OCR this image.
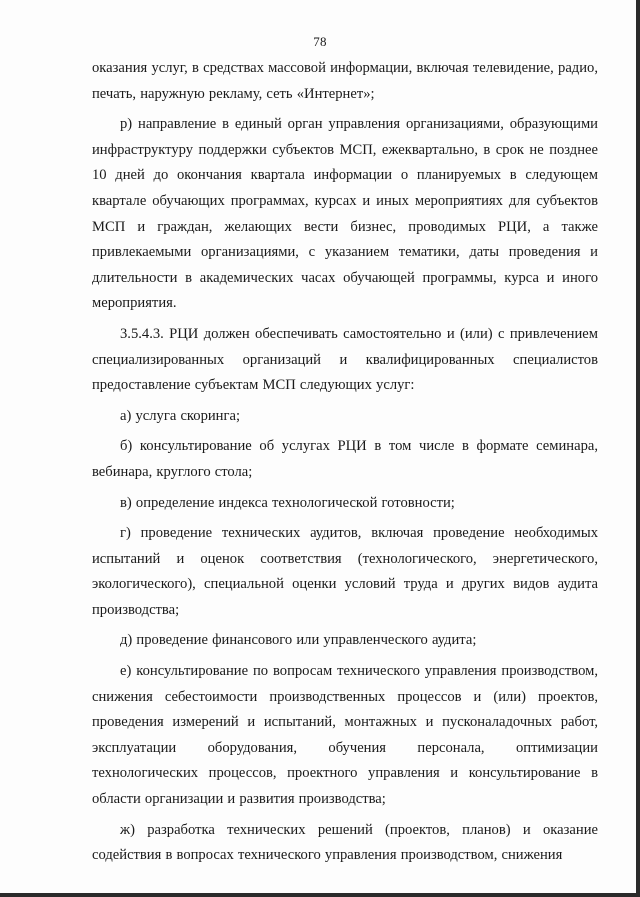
78

оказания услуг, в средствах массовой информации, включая телевидение, радио, печать, наружную рекламу, сеть «Интернет»;

р) направление в единый орган управления организациями, образующими инфраструктуру поддержки субъектов МСП, ежеквартально, в срок не позднее 10 дней до окончания квартала информации о планируемых в следующем квартале обучающих программах, курсах и иных мероприятиях для субъектов МСП и граждан, желающих вести бизнес, проводимых РЦИ, а также привлекаемыми организациями, с указанием тематики, даты проведения и длительности в академических часах обучающей программы, курса и иного мероприятия.

3.5.4.3. РЦИ должен обеспечивать самостоятельно и (или) с привлечением специализированных организаций и квалифицированных специалистов предоставление субъектам МСП следующих услуг:

а) услуга скоринга;

б) консультирование об услугах РЦИ в том числе в формате семинара, вебинара, круглого стола;

в) определение индекса технологической готовности;

г) проведение технических аудитов, включая проведение необходимых испытаний и оценок соответствия (технологического, энергетического, экологического), специальной оценки условий труда и других видов аудита производства;

д) проведение финансового или управленческого аудита;

е) консультирование по вопросам технического управления производством, снижения себестоимости производственных процессов и (или) проектов, проведения измерений и испытаний, монтажных и пусконаладочных работ, эксплуатации оборудования, обучения персонала, оптимизации технологических процессов, проектного управления и консультирование в области организации и развития производства;

ж) разработка технических решений (проектов, планов) и оказание содействия в вопросах технического управления производством, снижения
